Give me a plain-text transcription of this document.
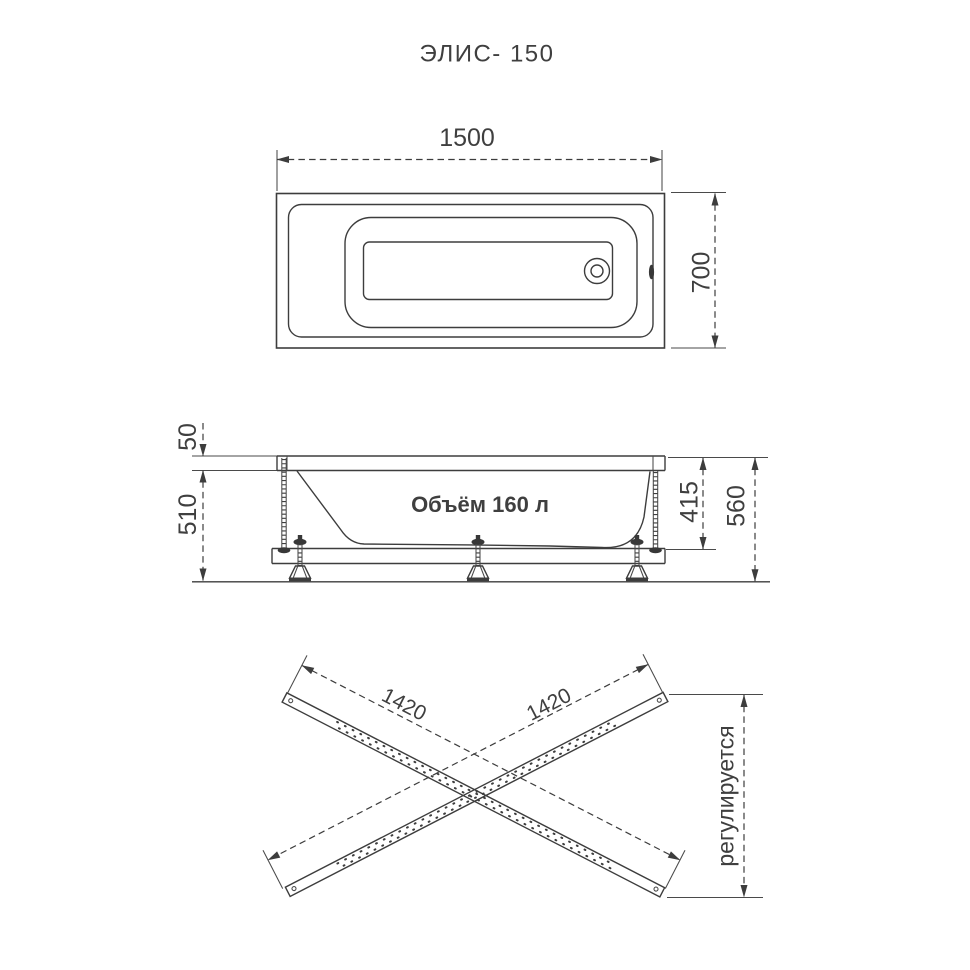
ЭЛИС- 150
1500
700
Объём 160 л
50
510	415 560
1420	1420
регулируется
